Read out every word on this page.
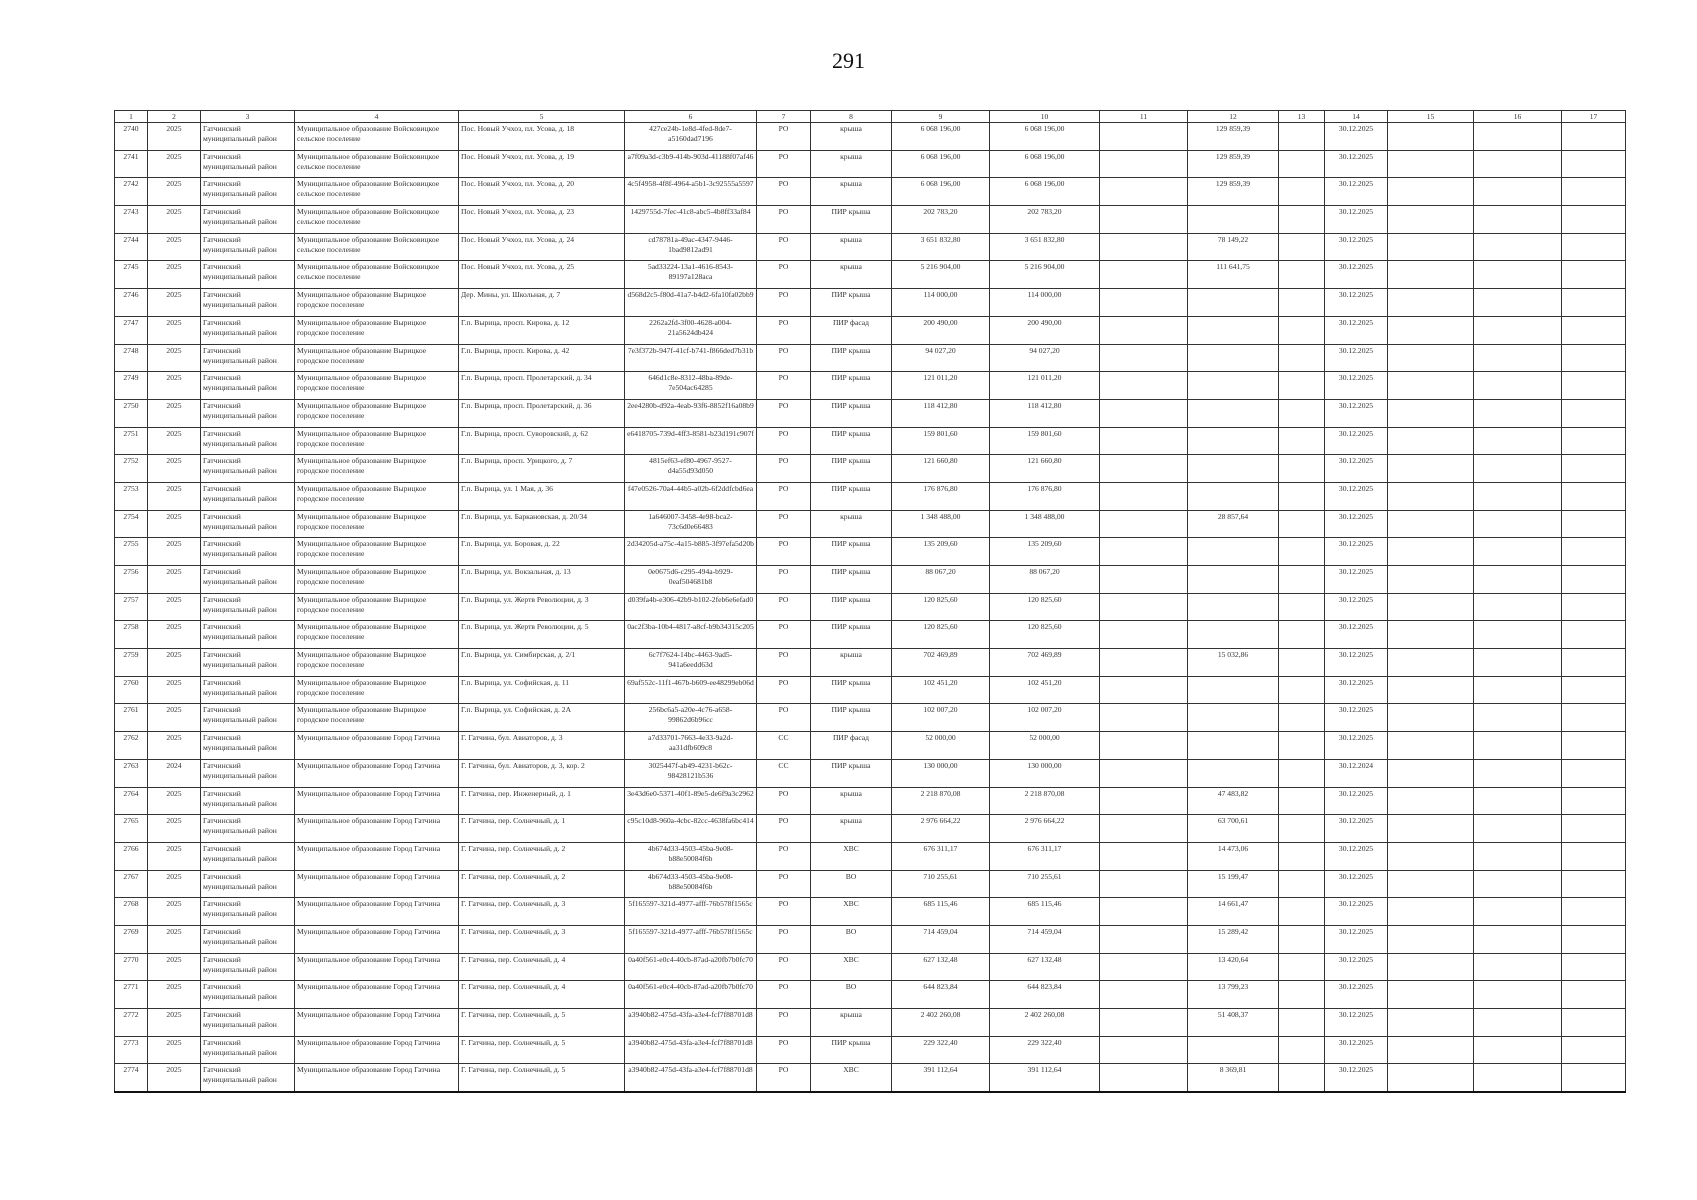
291
1	2	3	4	5	6	7	8	9	10	11	12	13	14	15	16	17
2740	2025	Гатчинский муниципальный район	Муниципальное образование Войсковицкое сельское поселение	Пос. Новый Учхоз, пл. Усова, д. 18	427ce24b-1e8d-4fed-8de7-a5160dad7196	РО	крыша	6 068 196,00	6 068 196,00		129 859,39		30.12.2025			
2741	2025	Гатчинский муниципальный район	Муниципальное образование Войсковицкое сельское поселение	Пос. Новый Учхоз, пл. Усова, д. 19	a7f09a3d-c3b9-414b-903d-41188f07af46	РО	крыша	6 068 196,00	6 068 196,00		129 859,39		30.12.2025			
2742	2025	Гатчинский муниципальный район	Муниципальное образование Войсковицкое сельское поселение	Пос. Новый Учхоз, пл. Усова, д. 20	4c5f4958-4f8f-4964-a5b1-3c92555a5597	РО	крыша	6 068 196,00	6 068 196,00		129 859,39		30.12.2025			
2743	2025	Гатчинский муниципальный район	Муниципальное образование Войсковицкое сельское поселение	Пос. Новый Учхоз, пл. Усова, д. 23	1429755d-7fec-41c8-abc5-4b8ff33af84	РО	ПИР крыша	202 783,20	202 783,20				30.12.2025			
2744	2025	Гатчинский муниципальный район	Муниципальное образование Войсковицкое сельское поселение	Пос. Новый Учхоз, пл. Усова, д. 24	cd78781a-49ac-4347-9446-1bad9812ad91	РО	крыша	3 651 832,80	3 651 832,80		78 149,22		30.12.2025			
2745	2025	Гатчинский муниципальный район	Муниципальное образование Войсковицкое сельское поселение	Пос. Новый Учхоз, пл. Усова, д. 25	5ad33224-13a1-4616-8543-89197a128aca	РО	крыша	5 216 904,00	5 216 904,00		111 641,75		30.12.2025			
2746	2025	Гатчинский муниципальный район	Муниципальное образование Вырицкое городское поселение	Дер. Мины, ул. Школьная, д. 7	d568d2c5-f80d-41a7-b4d2-6fa10fa02bb9	РО	ПИР крыша	114 000,00	114 000,00				30.12.2025			
2747	2025	Гатчинский муниципальный район	Муниципальное образование Вырицкое городское поселение	Г.п. Вырица, просп. Кирова, д. 12	2262a2fd-3f00-4628-a004-21a5624db424	РО	ПИР фасад	200 490,00	200 490,00				30.12.2025			
2748	2025	Гатчинский муниципальный район	Муниципальное образование Вырицкое городское поселение	Г.п. Вырица, просп. Кирова, д. 42	7e3f372b-947f-41cf-b741-f866ded7b31b	РО	ПИР крыша	94 027,20	94 027,20				30.12.2025			
2749	2025	Гатчинский муниципальный район	Муниципальное образование Вырицкое городское поселение	Г.п. Вырица, просп. Пролетарский, д. 34	646d1c8e-8312-48ba-89de-7e504ac64285	РО	ПИР крыша	121 011,20	121 011,20				30.12.2025			
2750	2025	Гатчинский муниципальный район	Муниципальное образование Вырицкое городское поселение	Г.п. Вырица, просп. Пролетарский, д. 36	2ee4280b-d92a-4eab-93f6-8852f16a08b9	РО	ПИР крыша	118 412,80	118 412,80				30.12.2025			
2751	2025	Гатчинский муниципальный район	Муниципальное образование Вырицкое городское поселение	Г.п. Вырица, просп. Суворовский, д. 62	e6418705-739d-4ff3-8581-b23d191c907f	РО	ПИР крыша	159 801,60	159 801,60				30.12.2025			
2752	2025	Гатчинский муниципальный район	Муниципальное образование Вырицкое городское поселение	Г.п. Вырица, просп. Урицкого, д. 7	4815ef63-ef80-4967-9527-d4a55d93d050	РО	ПИР крыша	121 660,80	121 660,80				30.12.2025			
2753	2025	Гатчинский муниципальный район	Муниципальное образование Вырицкое городское поселение	Г.п. Вырица, ул. 1 Мая, д. 36	f47e0526-70a4-44b5-a02b-6f2ddfcbd6ea	РО	ПИР крыша	176 876,80	176 876,80				30.12.2025			
2754	2025	Гатчинский муниципальный район	Муниципальное образование Вырицкое городское поселение	Г.п. Вырица, ул. Баркановская, д. 20/34	1a646007-3458-4e98-bca2-73c6d0e66483	РО	крыша	1 348 488,00	1 348 488,00		28 857,64		30.12.2025			
2755	2025	Гатчинский муниципальный район	Муниципальное образование Вырицкое городское поселение	Г.п. Вырица, ул. Боровая, д. 22	2d34205d-a75c-4a15-b885-3f97efa5d20b	РО	ПИР крыша	135 209,60	135 209,60				30.12.2025			
2756	2025	Гатчинский муниципальный район	Муниципальное образование Вырицкое городское поселение	Г.п. Вырица, ул. Вокзальная, д. 13	0e0675d6-c295-494a-b929-0eaf504681b8	РО	ПИР крыша	88 067,20	88 067,20				30.12.2025			
2757	2025	Гатчинский муниципальный район	Муниципальное образование Вырицкое городское поселение	Г.п. Вырица, ул. Жертв Революции, д. 3	d039fa4b-e306-42b9-b102-2feb6e6efad0	РО	ПИР крыша	120 825,60	120 825,60				30.12.2025			
2758	2025	Гатчинский муниципальный район	Муниципальное образование Вырицкое городское поселение	Г.п. Вырица, ул. Жертв Революции, д. 5	0ac2f3ba-10b4-4817-a8cf-b9b34315c205	РО	ПИР крыша	120 825,60	120 825,60				30.12.2025			
2759	2025	Гатчинский муниципальный район	Муниципальное образование Вырицкое городское поселение	Г.п. Вырица, ул. Симбирская, д. 2/1	6c7f7624-14bc-4463-9ad5-941a6eedd63d	РО	крыша	702 469,89	702 469,89		15 032,86		30.12.2025			
2760	2025	Гатчинский муниципальный район	Муниципальное образование Вырицкое городское поселение	Г.п. Вырица, ул. Софийская, д. 11	69af552c-11f1-467b-b609-ee48299eb06d	РО	ПИР крыша	102 451,20	102 451,20				30.12.2025			
2761	2025	Гатчинский муниципальный район	Муниципальное образование Вырицкое городское поселение	Г.п. Вырица, ул. Софийская, д. 2А	256bc6a5-a20e-4c76-a658-99862d6b96cc	РО	ПИР крыша	102 007,20	102 007,20				30.12.2025			
2762	2025	Гатчинский муниципальный район	Муниципальное образование Город Гатчина	Г. Гатчина, бул. Авиаторов, д. 3	a7d33701-7663-4e33-9a2d-aa31dfb609c8	СС	ПИР фасад	52 000,00	52 000,00				30.12.2025			
2763	2024	Гатчинский муниципальный район	Муниципальное образование Город Гатчина	Г. Гатчина, бул. Авиаторов, д. 3, кор. 2	3025447f-ab49-4231-b62c-98428121b536	СС	ПИР крыша	130 000,00	130 000,00				30.12.2024			
2764	2025	Гатчинский муниципальный район	Муниципальное образование Город Гатчина	Г. Гатчина, пер. Инженерный, д. 1	3e43d6e0-5371-40f1-89e5-de6f9a3c2962	РО	крыша	2 218 870,08	2 218 870,08		47 483,82		30.12.2025			
2765	2025	Гатчинский муниципальный район	Муниципальное образование Город Гатчина	Г. Гатчина, пер. Солнечный, д. 1	c95c10d8-960a-4cbc-82cc-4638fa6bc414	РО	крыша	2 976 664,22	2 976 664,22		63 700,61		30.12.2025			
2766	2025	Гатчинский муниципальный район	Муниципальное образование Город Гатчина	Г. Гатчина, пер. Солнечный, д. 2	4b674d33-4503-45ba-9e08-b88e50084f6b	РО	ХВС	676 311,17	676 311,17		14 473,06		30.12.2025			
2767	2025	Гатчинский муниципальный район	Муниципальное образование Город Гатчина	Г. Гатчина, пер. Солнечный, д. 2	4b674d33-4503-45ba-9e08-b88e50084f6b	РО	ВО	710 255,61	710 255,61		15 199,47		30.12.2025			
2768	2025	Гатчинский муниципальный район	Муниципальное образование Город Гатчина	Г. Гатчина, пер. Солнечный, д. 3	5f165597-321d-4977-afff-76b578f1565c	РО	ХВС	685 115,46	685 115,46		14 661,47		30.12.2025			
2769	2025	Гатчинский муниципальный район	Муниципальное образование Город Гатчина	Г. Гатчина, пер. Солнечный, д. 3	5f165597-321d-4977-afff-76b578f1565c	РО	ВО	714 459,04	714 459,04		15 289,42		30.12.2025			
2770	2025	Гатчинский муниципальный район	Муниципальное образование Город Гатчина	Г. Гатчина, пер. Солнечный, д. 4	0a40f561-e0c4-40cb-87ad-a20fb7b0fc70	РО	ХВС	627 132,48	627 132,48		13 420,64		30.12.2025			
2771	2025	Гатчинский муниципальный район	Муниципальное образование Город Гатчина	Г. Гатчина, пер. Солнечный, д. 4	0a40f561-e0c4-40cb-87ad-a20fb7b0fc70	РО	ВО	644 823,84	644 823,84		13 799,23		30.12.2025			
2772	2025	Гатчинский муниципальный район	Муниципальное образование Город Гатчина	Г. Гатчина, пер. Солнечный, д. 5	a3940b82-475d-43fa-a3e4-fcf7f88701d8	РО	крыша	2 402 260,08	2 402 260,08		51 408,37		30.12.2025			
2773	2025	Гатчинский муниципальный район	Муниципальное образование Город Гатчина	Г. Гатчина, пер. Солнечный, д. 5	a3940b82-475d-43fa-a3e4-fcf7f88701d8	РО	ПИР крыша	229 322,40	229 322,40				30.12.2025			
2774	2025	Гатчинский муниципальный район	Муниципальное образование Город Гатчина	Г. Гатчина, пер. Солнечный, д. 5	a3940b82-475d-43fa-a3e4-fcf7f88701d8	РО	ХВС	391 112,64	391 112,64		8 369,81		30.12.2025			
